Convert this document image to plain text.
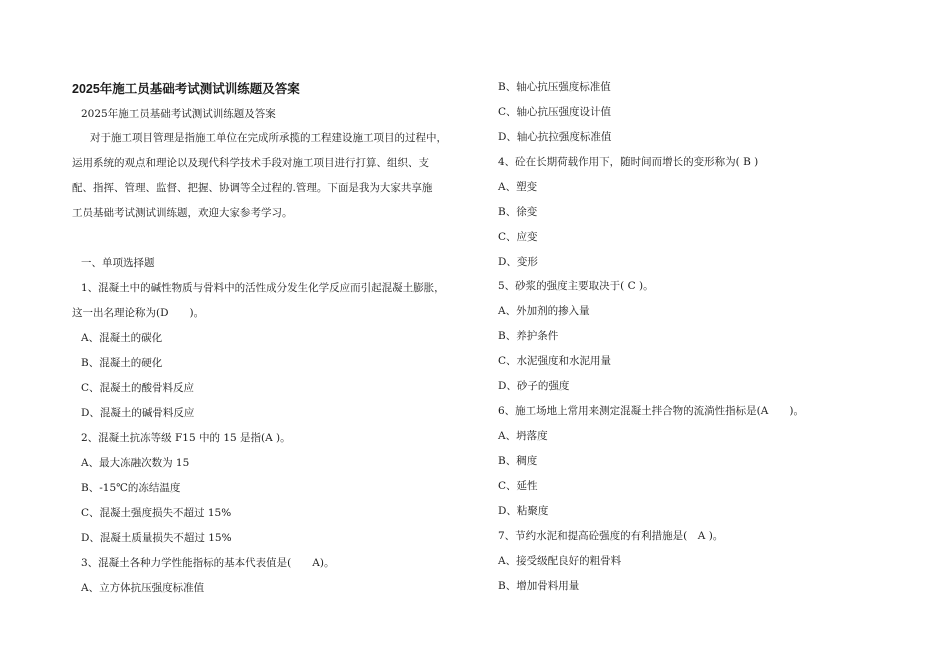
2025年施工员基础考试测试训练题及答案
2025年施工员基础考试测试训练题及答案
对于施工项目管理是指施工单位在完成所承揽的工程建设施工项目的过程中，
运用系统的观点和理论以及现代科学技术手段对施工项目进行打算、组织、支
配、指挥、管理、监督、把握、协调等全过程的.管理。下面是我为大家共享施
工员基础考试测试训练题，欢迎大家参考学习。
一、单项选择题
1、混凝土中的碱性物质与骨料中的活性成分发生化学反应而引起混凝土膨胀，
这一出名理论称为(D　　)。
A、混凝土的碳化
B、混凝土的硬化
C、混凝土的酸骨料反应
D、混凝土的碱骨料反应
2、混凝土抗冻等级 F15 中的 15 是指(A )。
A、最大冻融次数为 15
B、-15℃的冻结温度
C、混凝土强度损失不超过 15%
D、混凝土质量损失不超过 15%
3、混凝土各种力学性能指标的基本代表值是(　　A)。
A、立方体抗压强度标准值
B、轴心抗压强度标准值
C、轴心抗压强度设计值
D、轴心抗拉强度标准值
4、砼在长期荷载作用下，随时间而增长的变形称为( B )
A、塑变
B、徐变
C、应变
D、变形
5、砂浆的强度主要取决于( C )。
A、外加剂的掺入量
B、养护条件
C、水泥强度和水泥用量
D、砂子的强度
6、施工场地上常用来测定混凝土拌合物的流淌性指标是(A　　)。
A、坍落度
B、稠度
C、延性
D、粘聚度
7、节约水泥和提高砼强度的有利措施是(　A )。
A、接受级配良好的粗骨料
B、增加骨料用量
